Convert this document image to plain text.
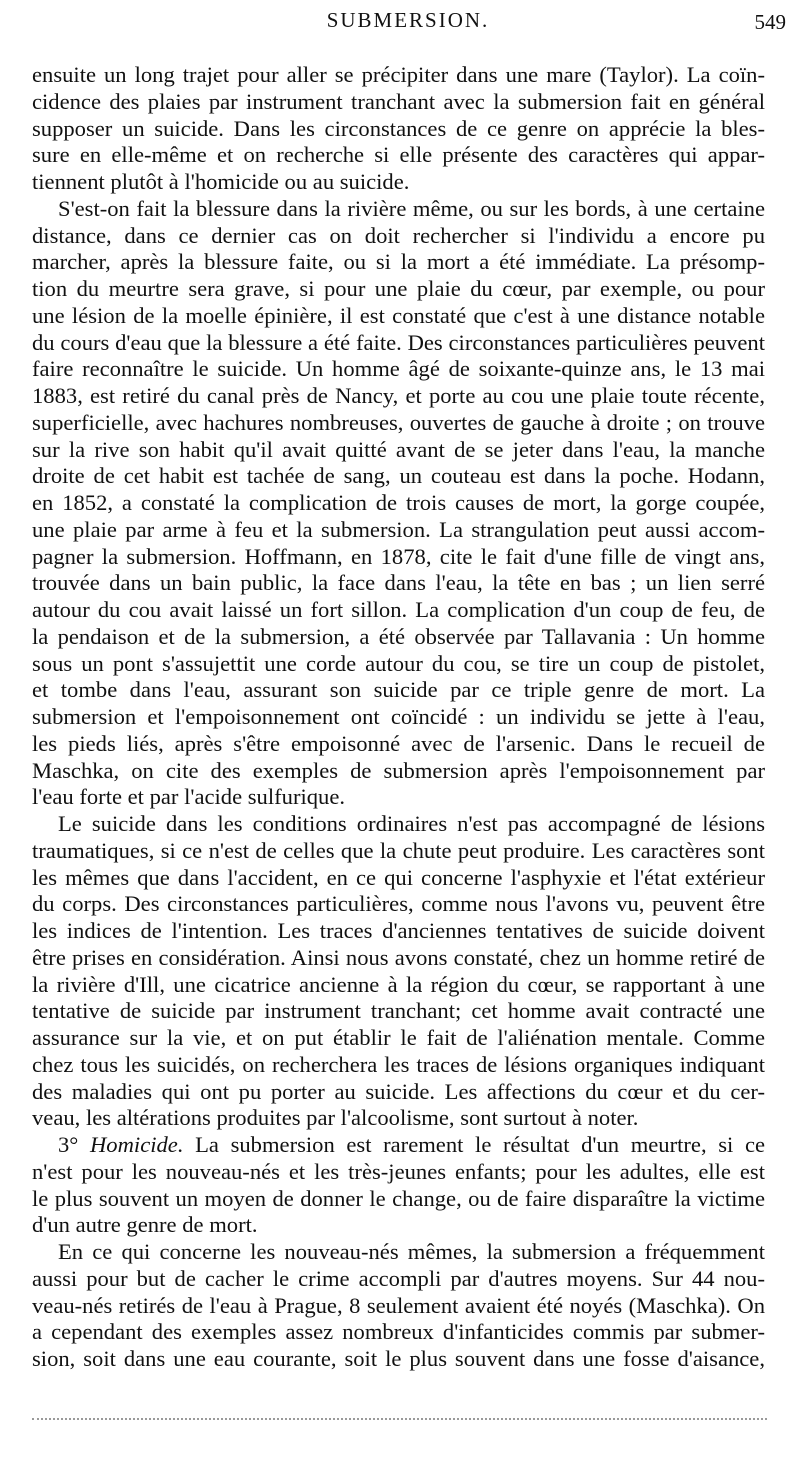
SUBMERSION.	549

ensuite un long trajet pour aller se précipiter dans une mare (Taylor). La coïn-
cidence des plaies par instrument tranchant avec la submersion fait en général
supposer un suicide. Dans les circonstances de ce genre on apprécie la bles-
sure en elle-même et on recherche si elle présente des caractères qui appar-
tiennent plutôt à l'homicide ou au suicide.

S'est-on fait la blessure dans la rivière même, ou sur les bords, à une certaine
distance, dans ce dernier cas on doit rechercher si l'individu a encore pu
marcher, après la blessure faite, ou si la mort a été immédiate. La présomp-
tion du meurtre sera grave, si pour une plaie du cœur, par exemple, ou pour
une lésion de la moelle épinière, il est constaté que c'est à une distance notable
du cours d'eau que la blessure a été faite. Des circonstances particulières peuvent
faire reconnaître le suicide. Un homme âgé de soixante-quinze ans, le 13 mai
1883, est retiré du canal près de Nancy, et porte au cou une plaie toute récente,
superficielle, avec hachures nombreuses, ouvertes de gauche à droite ; on trouve
sur la rive son habit qu'il avait quitté avant de se jeter dans l'eau, la manche
droite de cet habit est tachée de sang, un couteau est dans la poche. Hodann,
en 1852, a constaté la complication de trois causes de mort, la gorge coupée,
une plaie par arme à feu et la submersion. La strangulation peut aussi accom-
pagner la submersion. Hoffmann, en 1878, cite le fait d'une fille de vingt ans,
trouvée dans un bain public, la face dans l'eau, la tête en bas ; un lien serré
autour du cou avait laissé un fort sillon. La complication d'un coup de feu, de
la pendaison et de la submersion, a été observée par Tallavania : Un homme
sous un pont s'assujettit une corde autour du cou, se tire un coup de pistolet,
et tombe dans l'eau, assurant son suicide par ce triple genre de mort. La
submersion et l'empoisonnement ont coïncidé : un individu se jette à l'eau,
les pieds liés, après s'être empoisonné avec de l'arsenic. Dans le recueil de
Maschka, on cite des exemples de submersion après l'empoisonnement par
l'eau forte et par l'acide sulfurique.

Le suicide dans les conditions ordinaires n'est pas accompagné de lésions
traumatiques, si ce n'est de celles que la chute peut produire. Les caractères sont
les mêmes que dans l'accident, en ce qui concerne l'asphyxie et l'état extérieur
du corps. Des circonstances particulières, comme nous l'avons vu, peuvent être
les indices de l'intention. Les traces d'anciennes tentatives de suicide doivent
être prises en considération. Ainsi nous avons constaté, chez un homme retiré de
la rivière d'Ill, une cicatrice ancienne à la région du cœur, se rapportant à une
tentative de suicide par instrument tranchant; cet homme avait contracté une
assurance sur la vie, et on put établir le fait de l'aliénation mentale. Comme
chez tous les suicidés, on recherchera les traces de lésions organiques indiquant
des maladies qui ont pu porter au suicide. Les affections du cœur et du cer-
veau, les altérations produites par l'alcoolisme, sont surtout à noter.

3° Homicide. La submersion est rarement le résultat d'un meurtre, si ce
n'est pour les nouveau-nés et les très-jeunes enfants; pour les adultes, elle est
le plus souvent un moyen de donner le change, ou de faire disparaître la victime
d'un autre genre de mort.

En ce qui concerne les nouveau-nés mêmes, la submersion a fréquemment
aussi pour but de cacher le crime accompli par d'autres moyens. Sur 44 nou-
veau-nés retirés de l'eau à Prague, 8 seulement avaient été noyés (Maschka). On
a cependant des exemples assez nombreux d'infanticides commis par submer-
sion, soit dans une eau courante, soit le plus souvent dans une fosse d'aisance,
